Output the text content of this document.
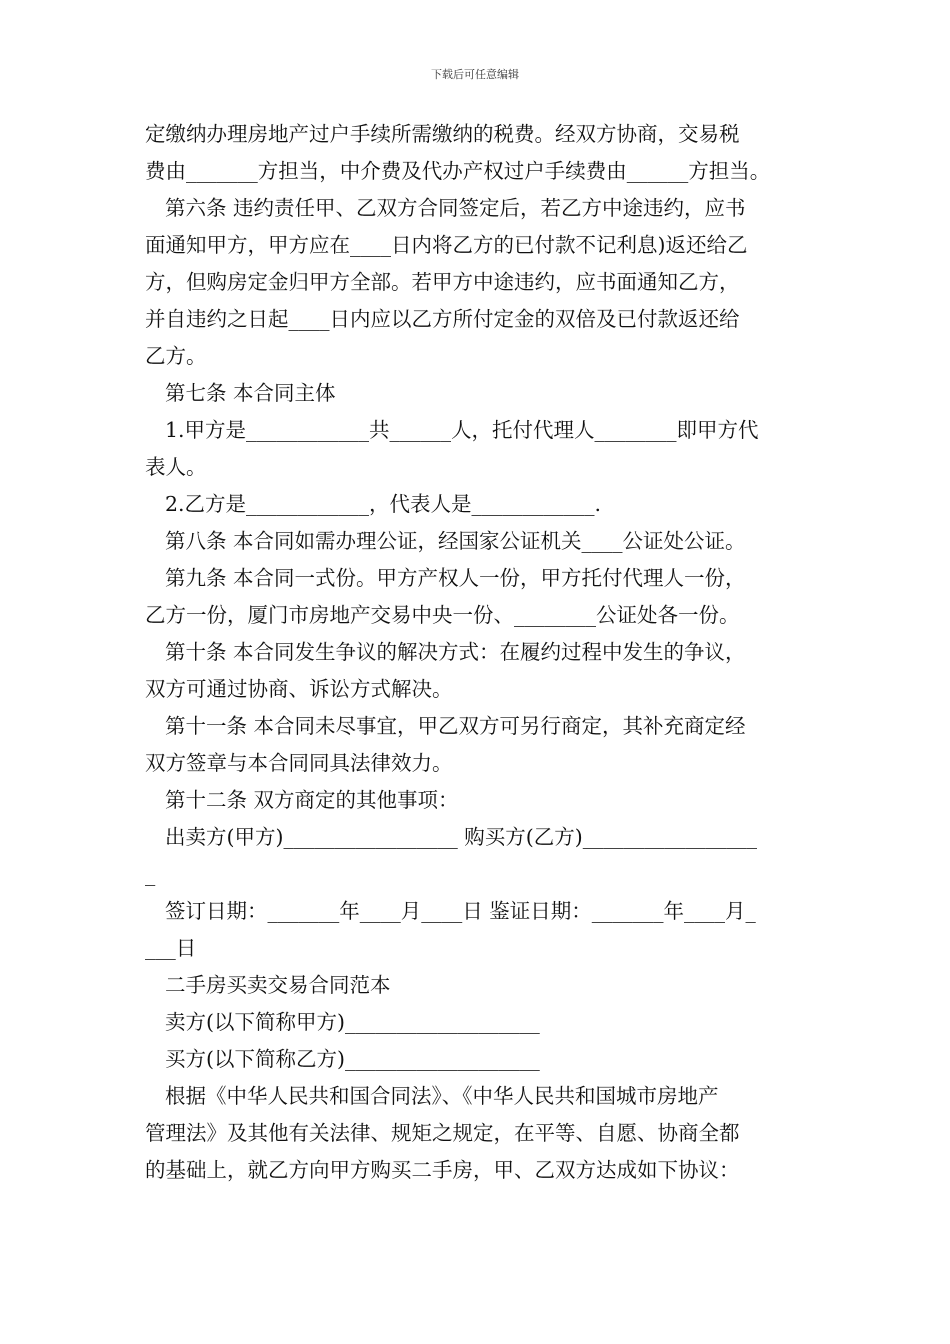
下载后可任意编辑

定缴纳办理房地产过户手续所需缴纳的税费。经双方协商，交易税

费由_______方担当，中介费及代办产权过户手续费由______方担当。

第六条 违约责任甲、乙双方合同签定后，若乙方中途违约，应书

面通知甲方，甲方应在____日内将乙方的已付款不记利息)返还给乙

方，但购房定金归甲方全部。若甲方中途违约，应书面通知乙方，

并自违约之日起____日内应以乙方所付定金的双倍及已付款返还给

乙方。

第七条 本合同主体

1.甲方是____________共______人，托付代理人________即甲方代

表人。

2.乙方是____________，代表人是____________.

第八条 本合同如需办理公证，经国家公证机关____公证处公证。

第九条 本合同一式份。甲方产权人一份，甲方托付代理人一份，

乙方一份，厦门市房地产交易中央一份、________公证处各一份。

第十条 本合同发生争议的解决方式：在履约过程中发生的争议，

双方可通过协商、诉讼方式解决。

第十一条 本合同未尽事宜，甲乙双方可另行商定，其补充商定经

双方签章与本合同同具法律效力。

第十二条 双方商定的其他事项：

出卖方(甲方)_________________ 购买方(乙方)_________________

_

签订日期：_______年____月____日 鉴证日期：_______年____月_

___日

二手房买卖交易合同范本

卖方(以下简称甲方)___________________

买方(以下简称乙方)___________________

根据《中华人民共和国合同法》、《中华人民共和国城市房地产

管理法》及其他有关法律、规矩之规定，在平等、自愿、协商全都

的基础上，就乙方向甲方购买二手房，甲、乙双方达成如下协议：
